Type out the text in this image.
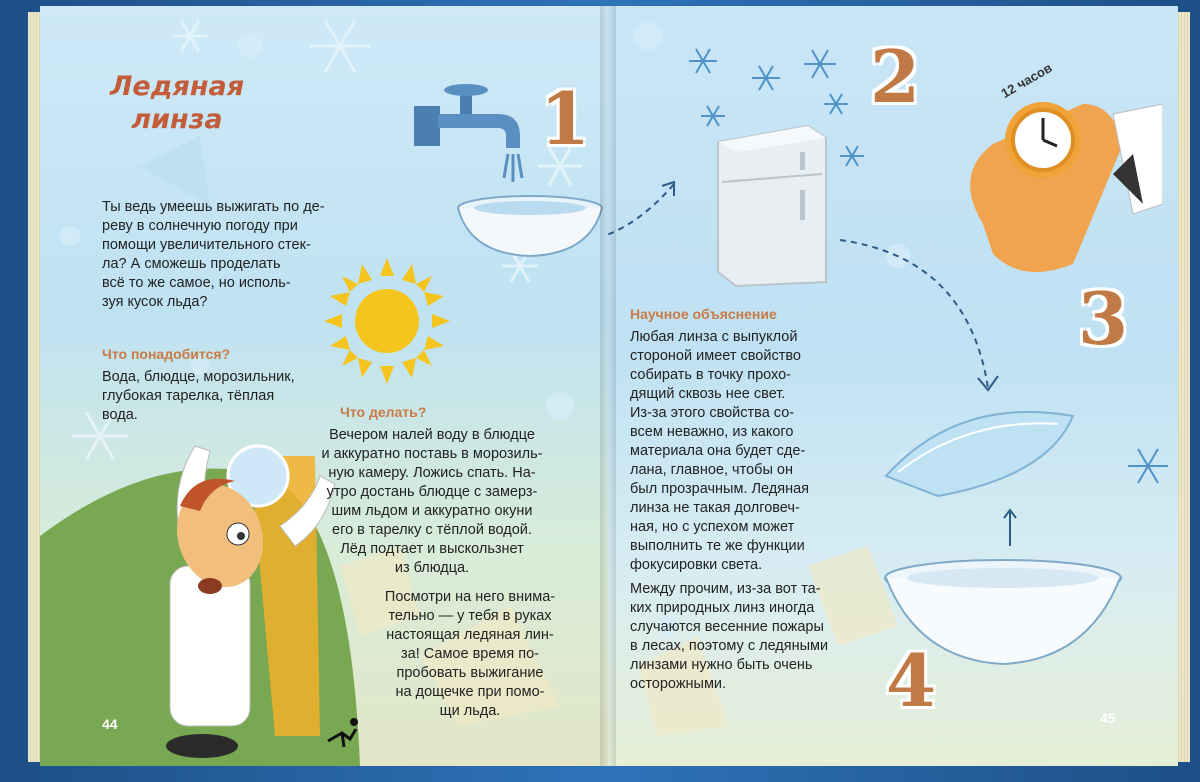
Ледяная линза
Ты ведь умеешь выжигать по де-
реву в солнечную погоду при
помощи увеличительного стек-
ла? А сможешь проделать
всё то же самое, но исполь-
зуя кусок льда?
Что понадобится?
Вода, блюдце, морозильник,
глубокая тарелка, тёплая
вода.	Что делать?
Вечером налей воду в блюдце
и аккуратно поставь в морозиль-
ную камеру. Ложись спать. На-
утро достань блюдце с замерз-
шим льдом и аккуратно окуни
его в тарелку с тёплой водой.
Лёд подтает и выскользнет
из блюдца.
Посмотри на него внима-
тельно — у тебя в руках
настоящая ледяная лин-
за! Самое время по-
пробовать выжигание
на дощечке при помо-
щи льда.
1
44
12 часов
2
3
4
Научное объяснение
Любая линза с выпуклой
стороной имеет свойство
собирать в точку прохо-
дящий сквозь нее свет.
Из-за этого свойства со-
всем неважно, из какого
материала она будет сде-
лана, главное, чтобы он
был прозрачным. Ледяная
линза не такая долговеч-
ная, но с успехом может
выполнить те же функции
фокусировки света.
Между прочим, из-за вот та-
ких природных линз иногда
случаются весенние пожары
в лесах, поэтому с ледяными
линзами нужно быть очень
осторожными.
45
